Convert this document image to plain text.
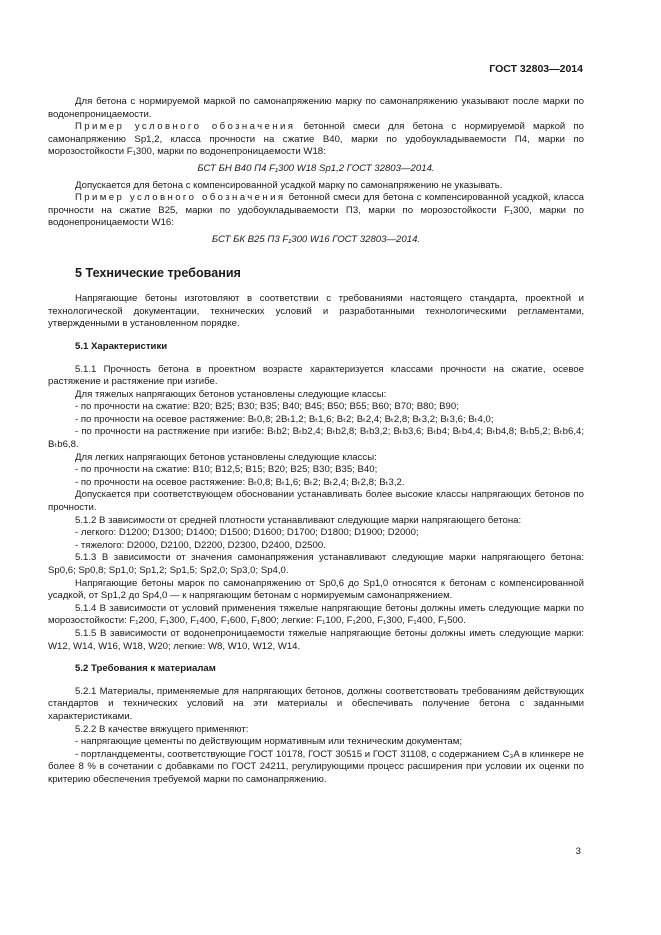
ГОСТ 32803—2014

Для бетона с нормируемой маркой по самонапряжению марку по самонапряжению указывают после марки по водонепроницаемости.

Пример условного обозначения бетонной смеси для бетона с нормируемой маркой по самонапряжению Sp1,2, класса прочности на сжатие В40, марки по удобоукладываемости П4, марки по морозостойкости F₁300, марки по водонепроницаемости W18:

БСТ БН В40 П4 F₁300 W18 Sp1,2 ГОСТ 32803—2014.

Допускается для бетона с компенсированной усадкой марку по самонапряжению не указывать.

Пример условного обозначения бетонной смеси для бетона с компенсированной усадкой, класса прочности на сжатие В25, марки по удобоукладываемости П3, марки по морозостойкости F₁300, марки по водонепроницаемости W16:

БСТ БК В25 П3 F₁300 W16 ГОСТ 32803—2014.

5 Технические требования

Напрягающие бетоны изготовляют в соответствии с требованиями настоящего стандарта, проектной и технологической документации, технических условий и разработанными технологическими регламентами, утвержденными в установленном порядке.

5.1 Характеристики

5.1.1 Прочность бетона в проектном возрасте характеризуется классами прочности на сжатие, осевое растяжение и растяжение при изгибе.

Для тяжелых напрягающих бетонов установлены следующие классы:

- по прочности на сжатие: В20; В25; В30; В35; В40; В45; В50; В55; В60; В70; В80; В90;

- по прочности на осевое растяжение: Bₜ0,8; 2Bₜ1,2; Bₜ1,6; Bₜ2; Bₜ2,4; Bₜ2,8; Bₜ3,2; Bₜ3,6; Bₜ4,0;

- по прочности на растяжение при изгибе: Bₜb2; Bₜb2,4; Bₜb2,8; Bₜb3,2; Bₜb3,6; Bₜb4; Bₜb4,4; Bₜb4,8; Bₜb5,2; Bₜb6,4; Bₜb6,8.

Для легких напрягающих бетонов установлены следующие классы:

- по прочности на сжатие: В10; В12,5; В15; В20; В25; В30; В35; В40;

- по прочности на осевое растяжение: Bₜ0,8; Bₜ1,6; Bₜ2; Bₜ2,4; Bₜ2,8; Bₜ3,2.

Допускается при соответствующем обосновании устанавливать более высокие классы напрягающих бетонов по прочности.

5.1.2 В зависимости от средней плотности устанавливают следующие марки напрягающего бетона:

- легкого: D1200; D1300; D1400; D1500; D1600; D1700; D1800; D1900; D2000;

- тяжелого: D2000, D2100, D2200, D2300, D2400, D2500.

5.1.3 В зависимости от значения самонапряжения устанавливают следующие марки напрягающего бетона: Sp0,6; Sp0,8; Sp1,0; Sp1,2; Sp1,5; Sp2,0; Sp3,0; Sp4,0.

Напрягающие бетоны марок по самонапряжению от Sp0,6 до Sp1,0 относятся к бетонам с компенсированной усадкой, от Sp1,2 до Sp4,0 — к напрягающим бетонам с нормируемым самонапряжением.

5.1.4 В зависимости от условий применения тяжелые напрягающие бетоны должны иметь следующие марки по морозостойкости: F₁200, F₁300, F₁400, F₁600, F₁800; легкие: F₁100, F₁200, F₁300, F₁400, F₁500.

5.1.5 В зависимости от водонепроницаемости тяжелые напрягающие бетоны должны иметь следующие марки: W12, W14, W16, W18, W20; легкие: W8, W10, W12, W14.

5.2 Требования к материалам

5.2.1 Материалы, применяемые для напрягающих бетонов, должны соответствовать требованиям действующих стандартов и технических условий на эти материалы и обеспечивать получение бетона с заданными характеристиками.

5.2.2 В качестве вяжущего применяют:

- напрягающие цементы по действующим нормативным или техническим документам;

- портландцементы, соответствующие ГОСТ 10178, ГОСТ 30515 и ГОСТ 31108, с содержанием C₃A в клинкере не более 8 % в сочетании с добавками по ГОСТ 24211, регулирующими процесс расширения при условии их оценки по критерию обеспечения требуемой марки по самонапряжению.

3
